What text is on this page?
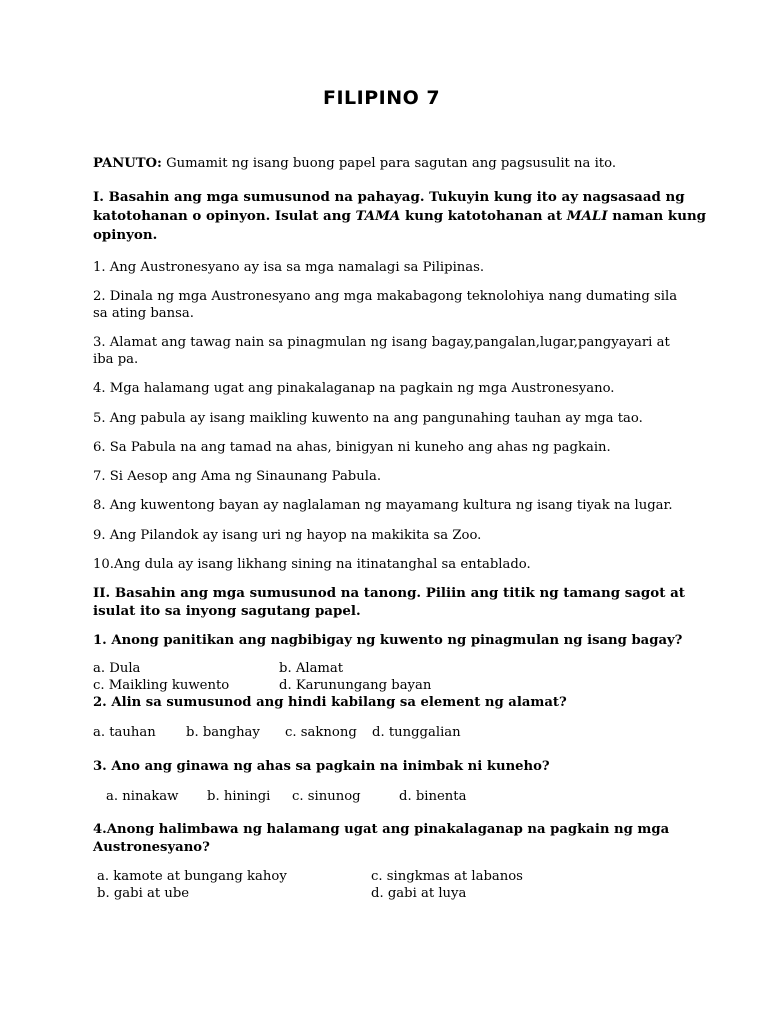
FILIPINO 7
PANUTO: Gumamit ng isang buong papel para sagutan ang pagsusulit na ito.
I. Basahin ang mga sumusunod na pahayag. Tukuyin kung ito ay nagsasaad ng
katotohanan o opinyon. Isulat ang TAMA kung katotohanan at MALI naman kung
opinyon.
1. Ang Austronesyano ay isa sa mga namalagi sa Pilipinas.
2. Dinala ng mga Austronesyano ang mga makabagong teknolohiya nang dumating sila
sa ating bansa.
3. Alamat ang tawag nain sa pinagmulan ng isang bagay,pangalan,lugar,pangyayari at
iba pa.
4. Mga halamang ugat ang pinakalaganap na pagkain ng mga Austronesyano.
5. Ang pabula ay isang maikling kuwento na ang pangunahing tauhan ay mga tao.
6. Sa Pabula na ang tamad na ahas, binigyan ni kuneho ang ahas ng pagkain.
7. Si Aesop ang Ama ng Sinaunang Pabula.
8. Ang kuwentong bayan ay naglalaman ng mayamang kultura ng isang tiyak na lugar.
9. Ang Pilandok ay isang uri ng hayop na makikita sa Zoo.
10.Ang dula ay isang likhang sining na itinatanghal sa entablado.
II. Basahin ang mga sumusunod na tanong. Piliin ang titik ng tamang sagot at
isulat ito sa inyong sagutang papel.
1. Anong panitikan ang nagbibigay ng kuwento ng pinagmulan ng isang bagay?
a. Dula	b. Alamat
c. Maikling kuwento	d. Karunungang bayan
2. Alin sa sumusunod ang hindi kabilang sa element ng alamat?
a. tauhan b. banghay c. saknong d. tunggalian
3. Ano ang ginawa ng ahas sa pagkain na inimbak ni kuneho?
a. ninakaw b. hiningi c. sinunog	d. binenta
4.Anong halimbawa ng halamang ugat ang pinakalaganap na pagkain ng mga
Austronesyano?
a. kamote at bungang kahoy	c. singkmas at labanos
b. gabi at ube	d. gabi at luya
